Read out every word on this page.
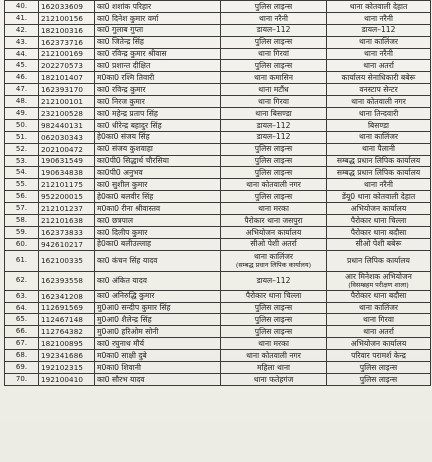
40.	162033609	का0 शशांक परिहार	पुलिस लाइन्स	थाना कोतवाली देहात
41.	212100156	का0 दिनेश कुमार वर्मा	थाना नरैनी	थाना नरैनी
42.	182100316	का0 गुलाब गुप्ता	डायल–112	डायल–112
43.	162373716	का0 जितेन्द्र सिंह	पुलिस लाइन्स	थाना कालिंजर
44.	212100169	का0 रविन्द्र कुमार श्रीवास	थाना गिरवां	थाना नरैनी
45.	202270573	का0 प्रशान्त दीक्षित	पुलिस लाइन्स	थाना अतर्रा
46.	182101407	म0का0 रश्मि तिवारी	थाना कमासिन	कार्यालय सेनाधिकारी बबेरू
47.	162393170	का0 रविन्द्र कुमार	थाना मटौंध	वनस्टाप सेन्टर
48.	212100101	का0 निरज कुमार	थाना गिरवा	थाना कोतवाली नगर
49.	232100528	का0 महेन्द्र प्रताप सिंह	थाना बिसण्डा	थाना तिन्दवारी
50.	982440131	का0 धीरेन्द्र बहादुर सिंह	डायल–112	बिसण्डा
51.	062030343	हे0का0 संजय सिंह	डायल–112	थाना कालिंजर
52.	202100472	का0 संजय कुशवाहा	पुलिस लाइन्स	थाना पैलानी
53.	190631549	का0पी0 सिद्धार्थ चौरसिया	पुलिस लाइन्स	सम्बद्ध प्रधान लिपिक कार्यालय
54.	190634838	का0पी0 अनुभव	पुलिस लाइन्स	सम्बद्ध प्रधान लिपिक कार्यालय
55.	212101175	का0 सुशील कुमार	थाना कोतवाली नगर	थाना नरैनी
56.	952200015	हे0का0 बलवीर सिंह	पुलिस लाइन्स	डेंयू0 थाना कोतवाली देहात
57.	212101237	म0का0 रीना श्रीवास्तव	थाना मरका	अभियोजन कार्यालय
58.	212101638	का0 छत्रपाल	पैरोकार थाना जसपुरा	पैरोकार थाना चिल्ला
59.	162373833	का0 दिलीप कुमार	अभियोजन कार्यालय	पैरोकार थाना बदौसा
60.	942610217	हे0का0 बलीउल्लाह	सीओ पेशी अतर्रा	सीओ पेशी बबेरू
61.	162100335	का0 कंचन सिंह यादव	थाना कालिंजर
(सम्बद्ध प्रधान लिपिक कार्यालय)	प्रधान लिपिक कार्यालय
62.	162393558	का0 अंकित यादव	डायल–112	आर मिनेशक अभियोजन
(विसम्ब्रहम परीक्षण शाला)

63.	162341208	का0 अनिरुद्धि कुमार	पैरोकार थाना चिल्ला	पैरोकार थाना बदौसा
64.	112691569	मु0आ0 सन्दीप कुमार सिंह	पुलिस लाइन्स	थाना कालिंजर
65.	112467148	मु0आ0 शैलेन्द्र सिंह	पुलिस लाइन्स	थाना गिरवा
66.	112764382	मु0आ0 हरिओम सोनी	पुलिस लाइन्स	थाना अतर्रा
67.	182100895	का0 रघुनाथ मौर्य	थाना मरका	अभियोजन कार्यालय
68.	192341686	म0का0 साक्षी दुबे	थाना कोतवाली नगर	परिवार परामर्श केन्द्र
69.	192102315	म0का0 शिवानी	महिला थाना	पुलिस लाइन्स
70.	192100410	का0 सौरभ यादव	थाना फतेहगंज	पुलिस लाइन्स
